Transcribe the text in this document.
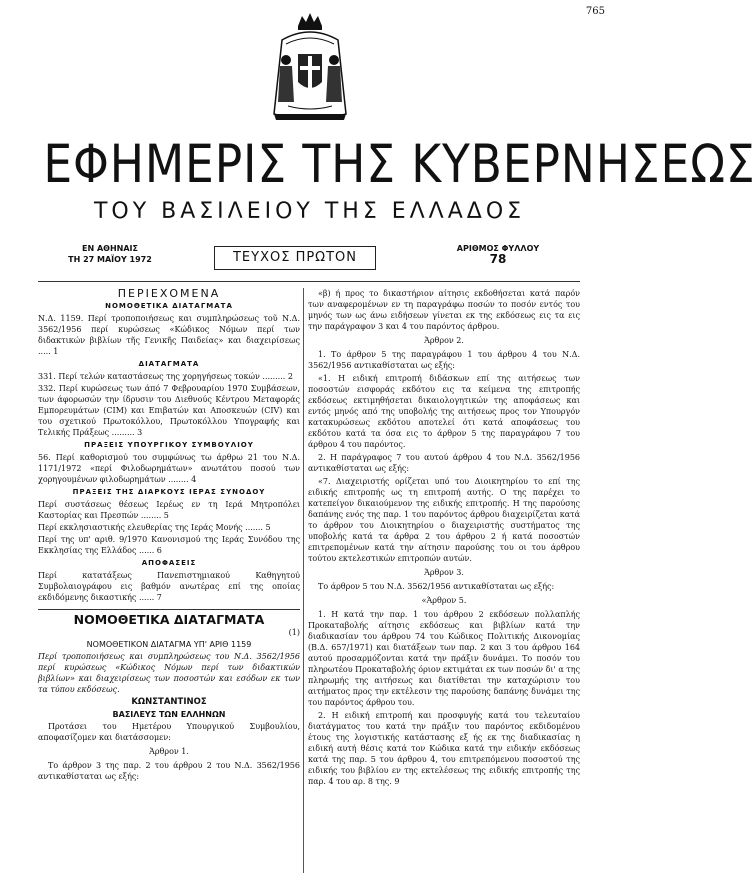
765
ΕΦΗΜΕΡΙΣ ΤΗΣ ΚΥΒΕΡΝΗΣΕΩΣ
ΤΟΥ ΒΑΣΙΛΕΙΟΥ ΤΗΣ ΕΛΛΑΔΟΣ
ΕΝ ΑΘΗΝΑΙΣ
ΤΗ 27 ΜΑΪΟΥ 1972	ΤΕΥΧΟΣ ΠΡΩΤΟΝ
ΑΡΙΘΜΟΣ ΦΥΛΛΟΥ
78
ΠΕΡΙΕΧΟΜΕΝΑ
ΝΟΜΟΘΕΤΙΚΑ ΔΙΑΤΑΓΜΑΤΑ

Ν.Δ. 1159. Περί τροποποιήσεως και συμπληρώσεως τοῦ Ν.Δ. 3562/1956 περί κυρώσεως «Κώδικος Νόμων περί των διδακτικών βιβλίων τῆς Γενικῆς Παιδείας» και διαχειρίσεως ..... 1

ΔΙΑΤΑΓΜΑΤΑ

331. Περί τελών καταστάσεως της χορηγήσεως τοκών ......... 2

332. Περί κυρώσεως των άπό 7 Φεβρουαρίου 1970 Συμβάσεων, των άφορωσών την ίδρυσιν του Διεθνούς Κέντρου Μεταφοράς Εμπορευμάτων (CIM) και Επιβατών και Αποσκευών (CIV) και του σχετικού Πρωτοκόλλου, Πρωτοκόλλου Υπογραφής και Τελικής Πράξεως ......... 3

ΠΡΑΞΕΙΣ ΥΠΟΥΡΓΙΚΟΥ ΣΥΜΒΟΥΛΙΟΥ

56. Περί καθορισμού του συμφώνως τω άρθρω 21 του Ν.Δ. 1171/1972 «περί Φιλοδωρημάτων» ανωτάτου ποσού των χορηγουμένων φιλοδωρημάτων ........ 4

ΠΡΑΞΕΙΣ ΤΗΣ ΔΙΑΡΚΟΥΣ ΙΕΡΑΣ ΣΥΝΟΔΟΥ

Περί συστάσεως θέσεως Ιερέως εν τη Ιερά Μητροπόλει Καστορίας και Πρεσπών ........ 5

Περί εκκλησιαστικής ελευθερίας της Ιεράς Μονής ....... 5

Περί της υπ' αριθ. 9/1970 Κανονισμού της Ιεράς Συνόδου της Εκκλησίας της Ελλάδος ...... 6

ΑΠΟΦΑΣΕΙΣ

Περί κατατάξεως Πανεπιστημιακού Καθηγητού Συμβολαιογράφου εις βαθμόν ανωτέρας επί της οποίας εκδιδόμενης δικαστικής ...... 7

ΝΟΜΟΘΕΤΙΚΑ ΔΙΑΤΑΓΜΑΤΑ
(1)
ΝΟΜΟΘΕΤΙΚΟΝ ΔΙΑΤΑΓΜΑ ΥΠ' ΑΡΙΘ 1159

Περί τροποποιήσεως και συμπληρώσεως του Ν.Δ. 3562/1956 περί κυρώσεως «Κώδικος Νόμων περί των διδακτικών βιβλίων» και διαχειρίσεως των ποσοστών και εσόδων εκ των τα τύπου εκδόσεως.

ΚΩΝΣΤΑΝΤΙΝΟΣ
ΒΑΣΙΛΕΥΣ ΤΩΝ ΕΛΛΗΝΩΝ

Προτάσει του Ημετέρου Υπουργικού Συμβουλίου, αποφασίζομεν και διατάσσομεν:

Άρθρον 1.

Το άρθρον 3 της παρ. 2 του άρθρου 2 του Ν.Δ. 3562/1956 αντικαθίσταται ως εξής:

«β) ή προς το δικαστήριον αίτησις εκδοθήσεται κατά παρόν των αναφερομένων εν τη παραγράφω ποσών το ποσόν εντός του μηνός των ως άνω ειδήσεων γίνεται εκ της εκδόσεως εις τα εις την παράγραφον 3 και 4 του παρόντος άρθρου.

Άρθρον 2.

1. Το άρθρον 5 της παραγράφου 1 του άρθρου 4 του Ν.Δ. 3562/1956 αντικαθίσταται ως εξής:

«1. Η ειδική επιτροπή διδάσκων επί της αιτήσεως των ποσοστών εισφοράς εκδότου εις τα κείμενα της επιτροπής εκδόσεως εκτιμηθήσεται δικαιολογητικών της αποφάσεως και εντός μηνός από της υποβολής της αιτήσεως προς τον Υπουργόν κατακυρώσεως εκδότου αποτελεί ότι κατά αποφάσεως του εκδότου κατά τα όσα εις το άρθρον 5 της παραγράφου 7 του άρθρου 4 του παρόντος.

2. Η παράγραφος 7 του αυτού άρθρου 4 του Ν.Δ. 3562/1956 αντικαθίσταται ως εξής:

«7. Διαχειριστής ορίζεται υπό του Διοικητηρίου το επί της ειδικής επιτροπής ως τη επιτροπή αυτής. Ο της παρέχει το κατεπείγον δικαιούμενον της ειδικής επιτροπής. Η της παρούσης δαπάνης ενός της παρ. 1 του παρόντος άρθρου διαχειρίζεται κατά το άρθρον του Διοικητηρίου ο διαχειριστής συστήματος της υποβολής κατά τα άρθρα 2 του άρθρου 2 ή κατά ποσοστών επιτρεπομένων κατά την αίτησιν παρούσης του οι του άρθρου τούτου εκτελεστικών επιτροπών αυτών.

Άρθρον 3.

Το άρθρον 5 του Ν.Δ. 3562/1956 αντικαθίσταται ως εξής:

«Άρθρον 5.

1. Η κατά την παρ. 1 του άρθρου 2 εκδόσεων πολλαπλής Προκαταβολής αίτησις εκδόσεως και βιβλίων κατά την διαδικασίαν του άρθρου 74 του Κώδικος Πολιτικής Δικονομίας (Β.Δ. 657/1971) και διατάξεων των παρ. 2 και 3 του άρθρου 164 αυτού προσαρμόζονται κατά την πράξιν δυνάμει. Το ποσόν του πληρωτέου Προκαταβολής όριον εκτιμάται εκ των ποσών δι' α της πληρωμής της αιτήσεως και διατίθεται την καταχώρισιν του αιτήματος προς την εκτέλεσιν της παρούσης δαπάνης δυνάμει της του παρόντος άρθρου του.

2. Η ειδική επιτροπή και προσφυγής κατά του τελευταίου διατάγματος του κατά την πράξιν του παρόντος εκδιδομένου έτους της λογιστικής κατάστασης εξ ής εκ της διαδικασίας η ειδική αυτή θέσις κατά τον Κώδικα κατά την ειδικήν εκδόσεως κατά της παρ. 5 του άρθρου 4, του επιτρεπόμενου ποσοστού της ειδικής του βιβλίου εν της εκτελέσεως της ειδικής επιτροπής της παρ. 4 του αρ. 8 της. 9
